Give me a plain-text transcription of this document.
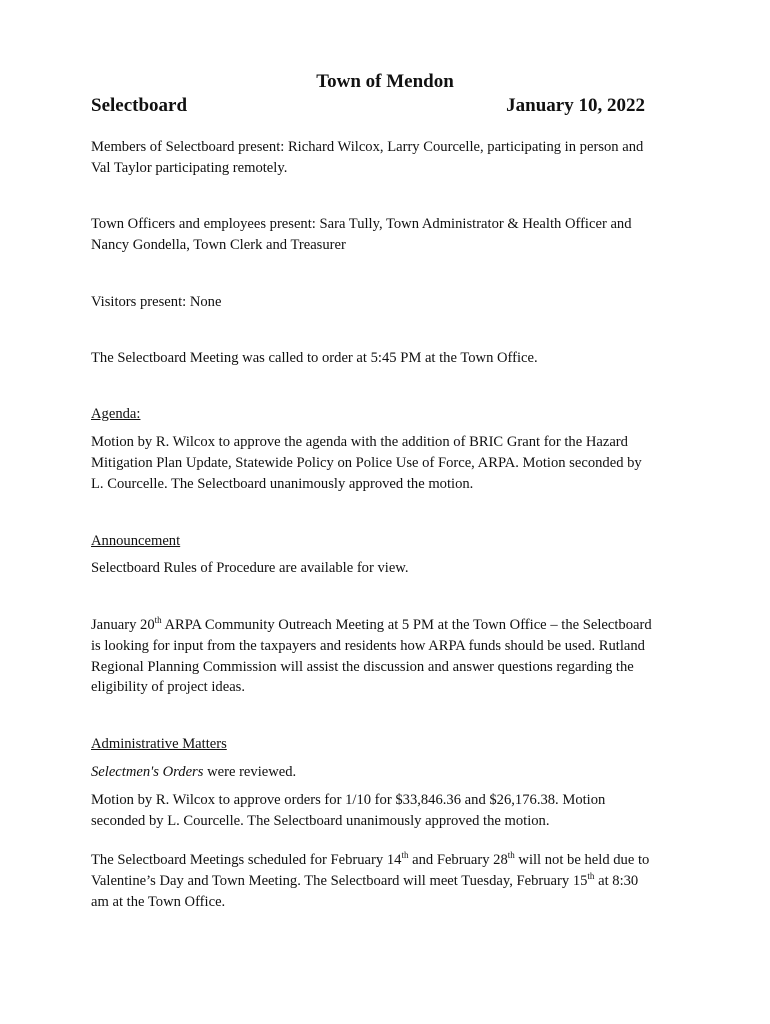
Town of Mendon
Selectboard	January 10, 2022

Members of Selectboard present: Richard Wilcox, Larry Courcelle, participating in person and
Val Taylor participating remotely.

Town Officers and employees present: Sara Tully, Town Administrator & Health Officer and
Nancy Gondella, Town Clerk and Treasurer

Visitors present: None

The Selectboard Meeting was called to order at 5:45 PM at the Town Office.

Agenda:

Motion by R. Wilcox to approve the agenda with the addition of BRIC Grant for the Hazard
Mitigation Plan Update, Statewide Policy on Police Use of Force, ARPA. Motion seconded by
L. Courcelle. The Selectboard unanimously approved the motion.

Announcement

Selectboard Rules of Procedure are available for view.

January 20th ARPA Community Outreach Meeting at 5 PM at the Town Office – the Selectboard
is looking for input from the taxpayers and residents how ARPA funds should be used. Rutland
Regional Planning Commission will assist the discussion and answer questions regarding the
eligibility of project ideas.

Administrative Matters

Selectmen's Orders were reviewed.

Motion by R. Wilcox to approve orders for 1/10 for $33,846.36 and $26,176.38. Motion
seconded by L. Courcelle. The Selectboard unanimously approved the motion.

The Selectboard Meetings scheduled for February 14th and February 28th will not be held due to
Valentine’s Day and Town Meeting. The Selectboard will meet Tuesday, February 15th at 8:30
am at the Town Office.
